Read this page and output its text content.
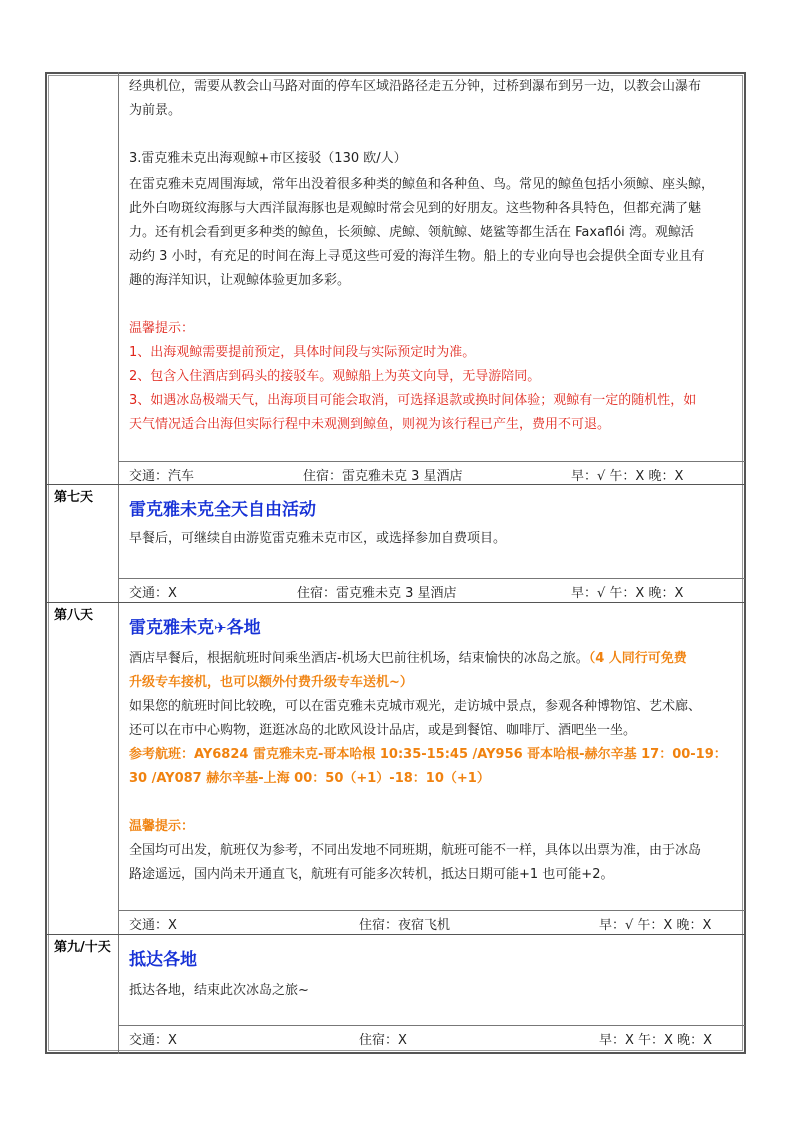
经典机位，需要从教会山马路对面的停车区域沿路径走五分钟，过桥到瀑布到另一边，以教会山瀑布

为前景。

3.雷克雅未克出海观鲸+市区接驳（130 欧/人）

在雷克雅未克周围海域，常年出没着很多种类的鲸鱼和各种鱼、鸟。常见的鲸鱼包括小须鲸、座头鲸，

此外白吻斑纹海豚与大西洋鼠海豚也是观鲸时常会见到的好朋友。这些物种各具特色，但都充满了魅

力。还有机会看到更多种类的鲸鱼，长须鲸、虎鲸、领航鲸、姥鲨等都生活在 Faxaflói 湾。观鲸活

动约 3 小时，有充足的时间在海上寻觅这些可爱的海洋生物。船上的专业向导也会提供全面专业且有

趣的海洋知识，让观鲸体验更加多彩。

温馨提示：

1、出海观鲸需要提前预定，具体时间段与实际预定时为准。

2、包含入住酒店到码头的接驳车。观鲸船上为英文向导，无导游陪同。

3、如遇冰岛极端天气，出海项目可能会取消，可选择退款或换时间体验；观鲸有一定的随机性，如

天气情况适合出海但实际行程中未观测到鲸鱼，则视为该行程已产生，费用不可退。

交通：汽车	住宿：雷克雅未克 3 星酒店	早：√ 午：X 晚：X
第七天
雷克雅未克全天自由活动

早餐后，可继续自由游览雷克雅未克市区，或选择参加自费项目。

交通：X	住宿：雷克雅未克 3 星酒店	早：√ 午：X 晚：X
第八天
雷克雅未克✈各地

酒店早餐后，根据航班时间乘坐酒店-机场大巴前往机场，结束愉快的冰岛之旅。（4 人同行可免费

升级专车接机，也可以额外付费升级专车送机~）

如果您的航班时间比较晚，可以在雷克雅未克城市观光，走访城中景点，参观各种博物馆、艺术廊、

还可以在市中心购物，逛逛冰岛的北欧风设计品店，或是到餐馆、咖啡厅、酒吧坐一坐。

参考航班：AY6824 雷克雅未克-哥本哈根 10:35-15:45 /AY956 哥本哈根-赫尔辛基 17：00-19：

30 /AY087 赫尔辛基-上海 00：50（+1）-18：10（+1）

温馨提示：

全国均可出发，航班仅为参考，不同出发地不同班期，航班可能不一样，具体以出票为准，由于冰岛

路途遥远，国内尚未开通直飞，航班有可能多次转机，抵达日期可能+1 也可能+2。

交通：X	住宿：夜宿飞机	早：√ 午：X 晚：X
第九/十天
抵达各地

抵达各地，结束此次冰岛之旅~

交通：X	住宿：X	早：X 午：X 晚：X
